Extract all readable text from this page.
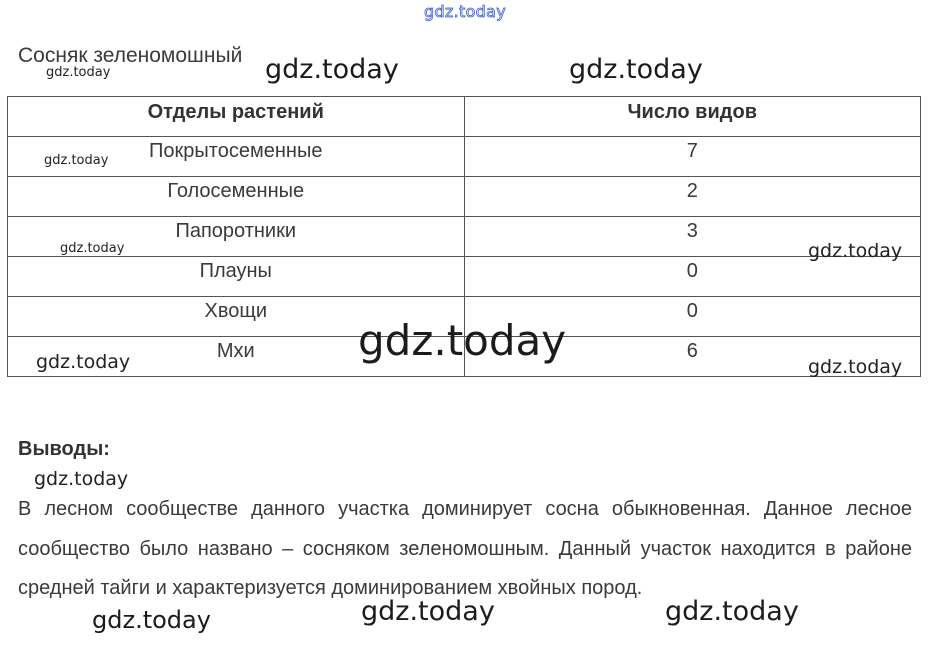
gdz.today
Сосняк зеленомошный
gdz.today	gdz.today	gdz.today
Отделы растений	Число видов
Покрытосеменные	7
Голосеменные	2
Папоротники	3
Плауны	0
Хвощи	0
Мхи	6
gdz.today
gdz.today	gdz.today
gdz.today
gdz.today	gdz.today
Выводы:
gdz.today

В лесном сообществе данного участка доминирует сосна обыкновенная. Данное лесное сообщество было названо – сосняком зеленомошным. Данный участок находится в районе средней тайги и характеризуется доминированием хвойных пород.

gdz.today	gdz.today	gdz.today
